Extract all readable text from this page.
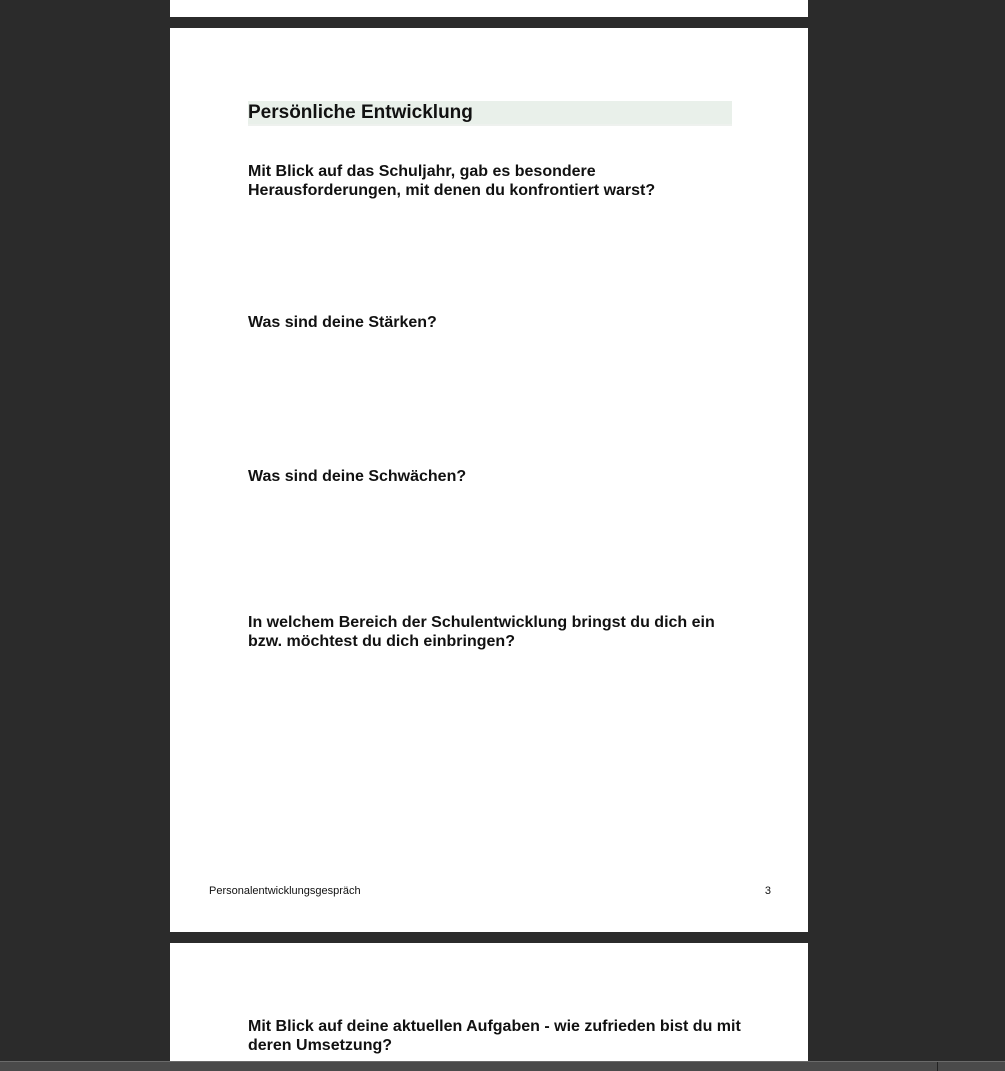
Persönliche Entwicklung
Mit Blick auf das Schuljahr, gab es besondere
Herausforderungen, mit denen du konfrontiert warst?
Was sind deine Stärken?
Was sind deine Schwächen?
In welchem Bereich der Schulentwicklung bringst du dich ein
bzw. möchtest du dich einbringen?
Personalentwicklungsgespräch	3
Mit Blick auf deine aktuellen Aufgaben - wie zufrieden bist du mit
deren Umsetzung?
